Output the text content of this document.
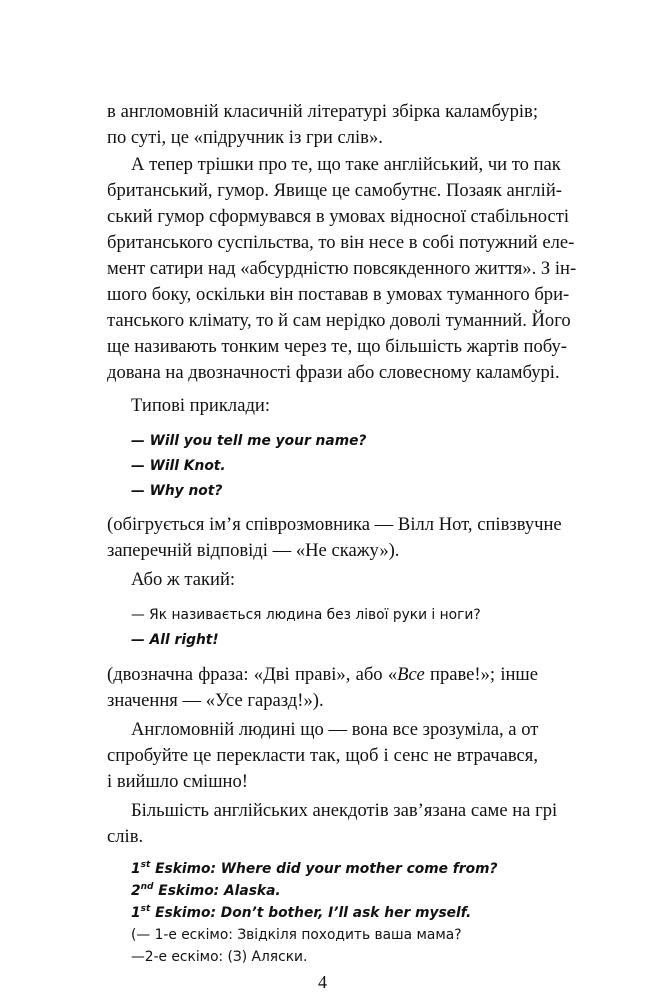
в англомовній класичній літературі збірка каламбурів;
по суті, це «підручник із гри слів».
А тепер трішки про те, що таке англійський, чи то пак
британський, гумор. Явище це самобутнє. Позаяк англій-
ський гумор сформувався в умовах відносної стабільності
британського суспільства, то він несе в собі потужний еле-
мент сатири над «абсурдністю повсякденного життя». З ін-
шого боку, оскільки він поставав в умовах туманного бри-
танського клімату, то й сам нерідко доволі туманний. Його
ще називають тонким через те, що більшість жартів побу-
дована на двозначності фрази або словесному каламбурі.
Типові приклади:
— Will you tell me your name?
— Will Knot.
— Why not?
(обігрується ім’я співрозмовника — Вілл Нот, співзвучне
заперечній відповіді — «Не скажу»).
Або ж такий:
— Як називається людина без лівої руки і ноги?
— All right!
(двозначна фраза: «Дві праві», або «Все праве!»; інше
значення — «Усе гаразд!»).
Англомовній людині що — вона все зрозуміла, а от
спробуйте це перекласти так, щоб і сенс не втрачався,
і вийшло смішно!
Більшість англійських анекдотів зав’язана саме на грі
слів.
1st Eskimo: Where did your mother come from?
2nd Eskimo: Alaska.
1st Eskimo: Don’t bother, I’ll ask her myself.
(— 1-е ескімо: Звідкіля походить ваша мама?
—2-е ескімо: (З) Аляски.
4
